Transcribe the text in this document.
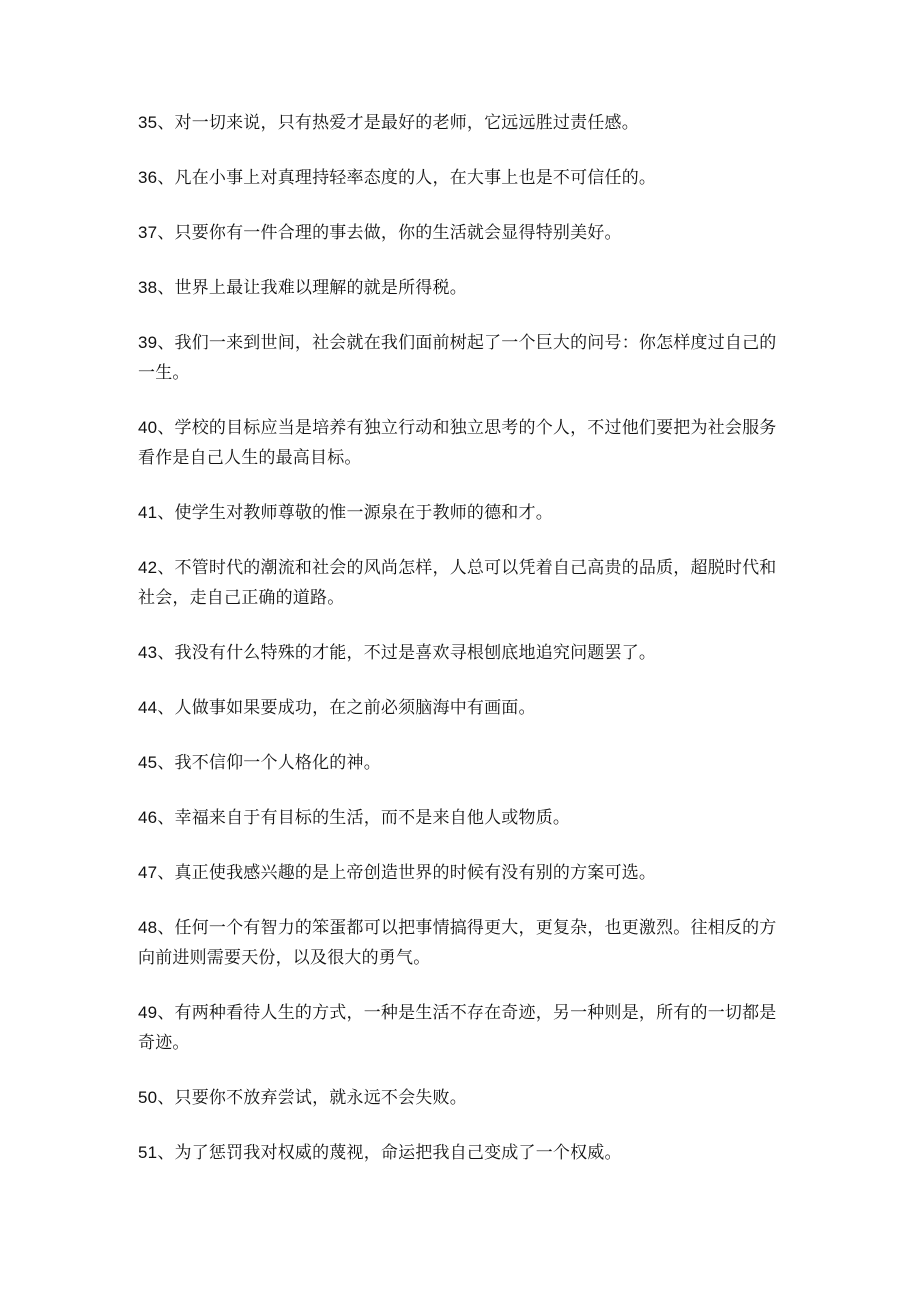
35、对一切来说，只有热爱才是最好的老师，它远远胜过责任感。

36、凡在小事上对真理持轻率态度的人，在大事上也是不可信任的。

37、只要你有一件合理的事去做，你的生活就会显得特别美好。

38、世界上最让我难以理解的就是所得税。

39、我们一来到世间，社会就在我们面前树起了一个巨大的问号：你怎样度过自己的一生。

40、学校的目标应当是培养有独立行动和独立思考的个人，不过他们要把为社会服务看作是自己人生的最高目标。

41、使学生对教师尊敬的惟一源泉在于教师的德和才。

42、不管时代的潮流和社会的风尚怎样，人总可以凭着自己高贵的品质，超脱时代和社会，走自己正确的道路。

43、我没有什么特殊的才能，不过是喜欢寻根刨底地追究问题罢了。

44、人做事如果要成功，在之前必须脑海中有画面。

45、我不信仰一个人格化的神。

46、幸福来自于有目标的生活，而不是来自他人或物质。

47、真正使我感兴趣的是上帝创造世界的时候有没有别的方案可选。

48、任何一个有智力的笨蛋都可以把事情搞得更大，更复杂，也更激烈。往相反的方向前进则需要天份，以及很大的勇气。

49、有两种看待人生的方式，一种是生活不存在奇迹，另一种则是，所有的一切都是奇迹。

50、只要你不放弃尝试，就永远不会失败。

51、为了惩罚我对权威的蔑视，命运把我自己变成了一个权威。
